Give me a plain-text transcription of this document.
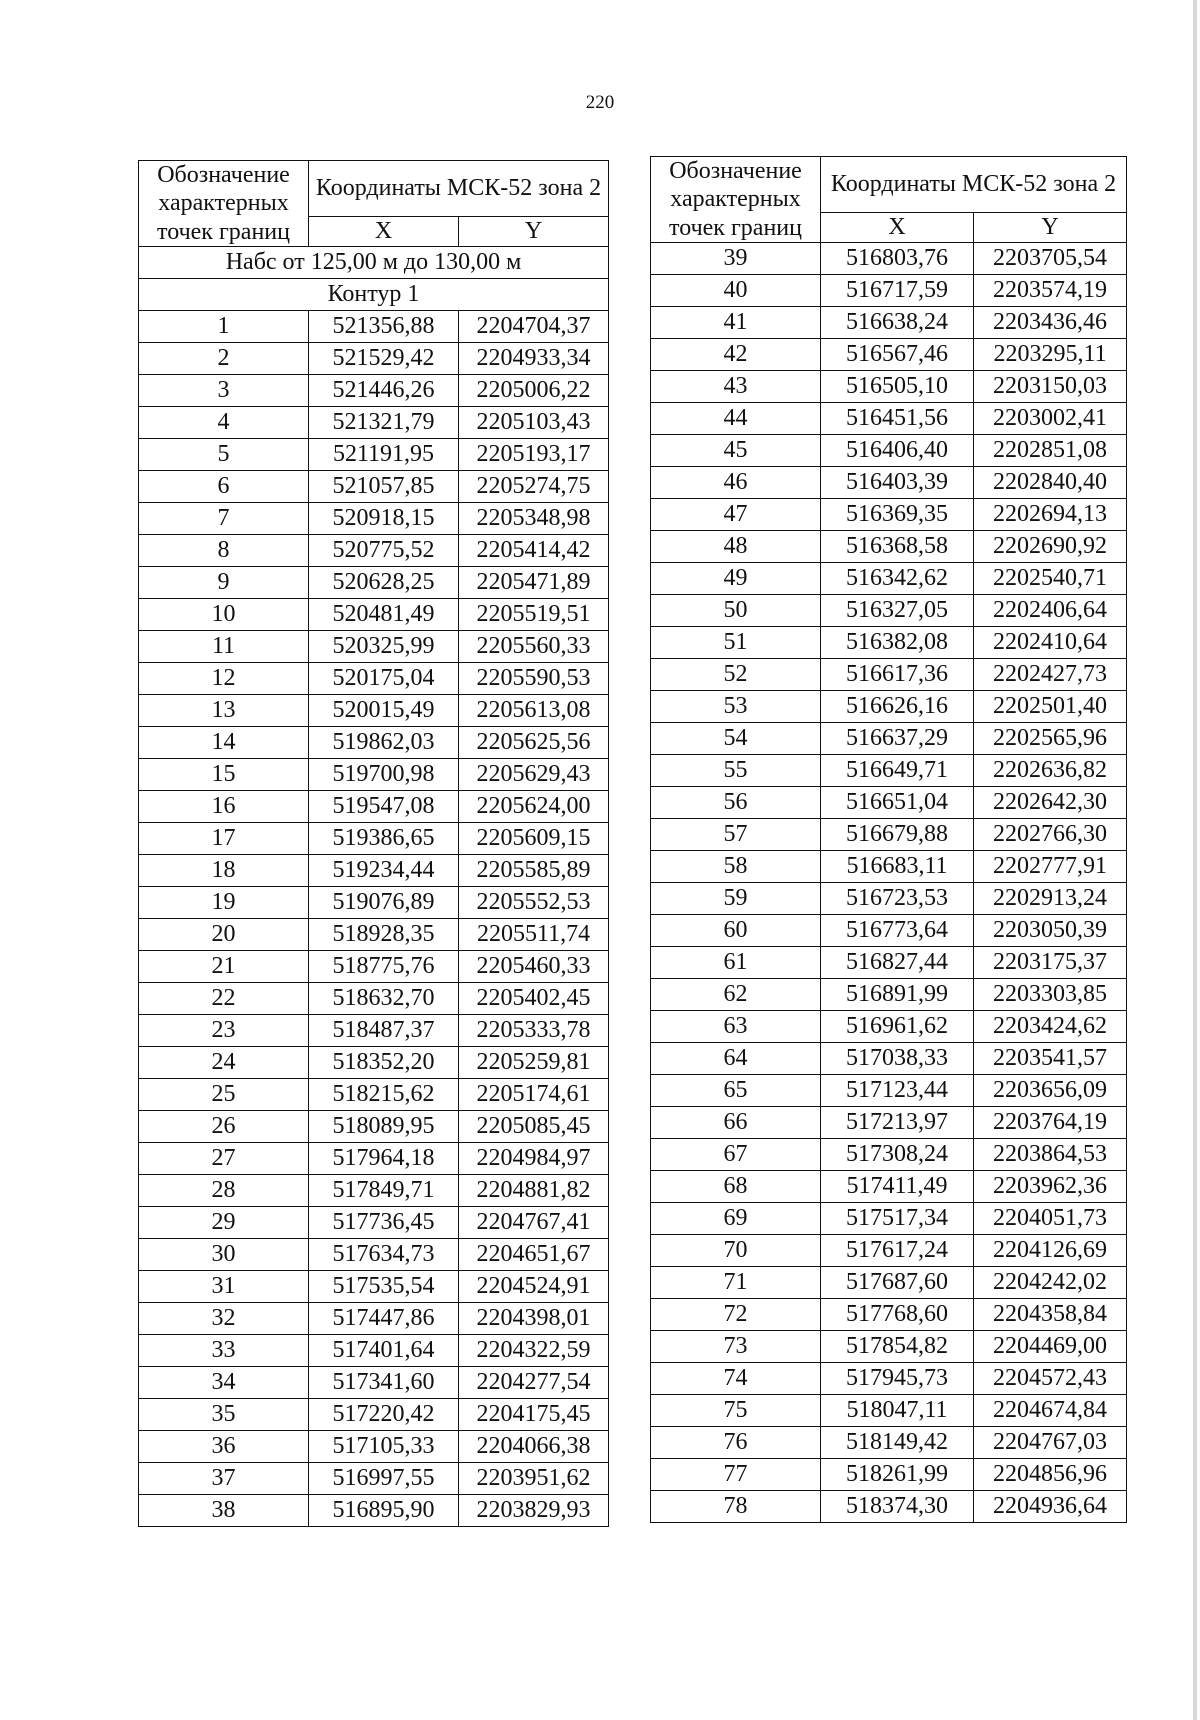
220
Обозначение характерных точек границ	Координаты МСК-52 зона 2	
	X	Y
Набс от 125,00 м до 130,00 м		
Контур 1		
1	521356,88	2204704,37
2	521529,42	2204933,34
3	521446,26	2205006,22
4	521321,79	2205103,43
5	521191,95	2205193,17
6	521057,85	2205274,75
7	520918,15	2205348,98
8	520775,52	2205414,42
9	520628,25	2205471,89
10	520481,49	2205519,51
11	520325,99	2205560,33
12	520175,04	2205590,53
13	520015,49	2205613,08
14	519862,03	2205625,56
15	519700,98	2205629,43
16	519547,08	2205624,00
17	519386,65	2205609,15
18	519234,44	2205585,89
19	519076,89	2205552,53
20	518928,35	2205511,74
21	518775,76	2205460,33
22	518632,70	2205402,45
23	518487,37	2205333,78
24	518352,20	2205259,81
25	518215,62	2205174,61
26	518089,95	2205085,45
27	517964,18	2204984,97
28	517849,71	2204881,82
29	517736,45	2204767,41
30	517634,73	2204651,67
31	517535,54	2204524,91
32	517447,86	2204398,01
33	517401,64	2204322,59
34	517341,60	2204277,54
35	517220,42	2204175,45
36	517105,33	2204066,38
37	516997,55	2203951,62
38	516895,90	2203829,93
Обозначение характерных точек границ	Координаты МСК-52 зона 2	
	X	Y
39	516803,76	2203705,54
40	516717,59	2203574,19
41	516638,24	2203436,46
42	516567,46	2203295,11
43	516505,10	2203150,03
44	516451,56	2203002,41
45	516406,40	2202851,08
46	516403,39	2202840,40
47	516369,35	2202694,13
48	516368,58	2202690,92
49	516342,62	2202540,71
50	516327,05	2202406,64
51	516382,08	2202410,64
52	516617,36	2202427,73
53	516626,16	2202501,40
54	516637,29	2202565,96
55	516649,71	2202636,82
56	516651,04	2202642,30
57	516679,88	2202766,30
58	516683,11	2202777,91
59	516723,53	2202913,24
60	516773,64	2203050,39
61	516827,44	2203175,37
62	516891,99	2203303,85
63	516961,62	2203424,62
64	517038,33	2203541,57
65	517123,44	2203656,09
66	517213,97	2203764,19
67	517308,24	2203864,53
68	517411,49	2203962,36
69	517517,34	2204051,73
70	517617,24	2204126,69
71	517687,60	2204242,02
72	517768,60	2204358,84
73	517854,82	2204469,00
74	517945,73	2204572,43
75	518047,11	2204674,84
76	518149,42	2204767,03
77	518261,99	2204856,96
78	518374,30	2204936,64
